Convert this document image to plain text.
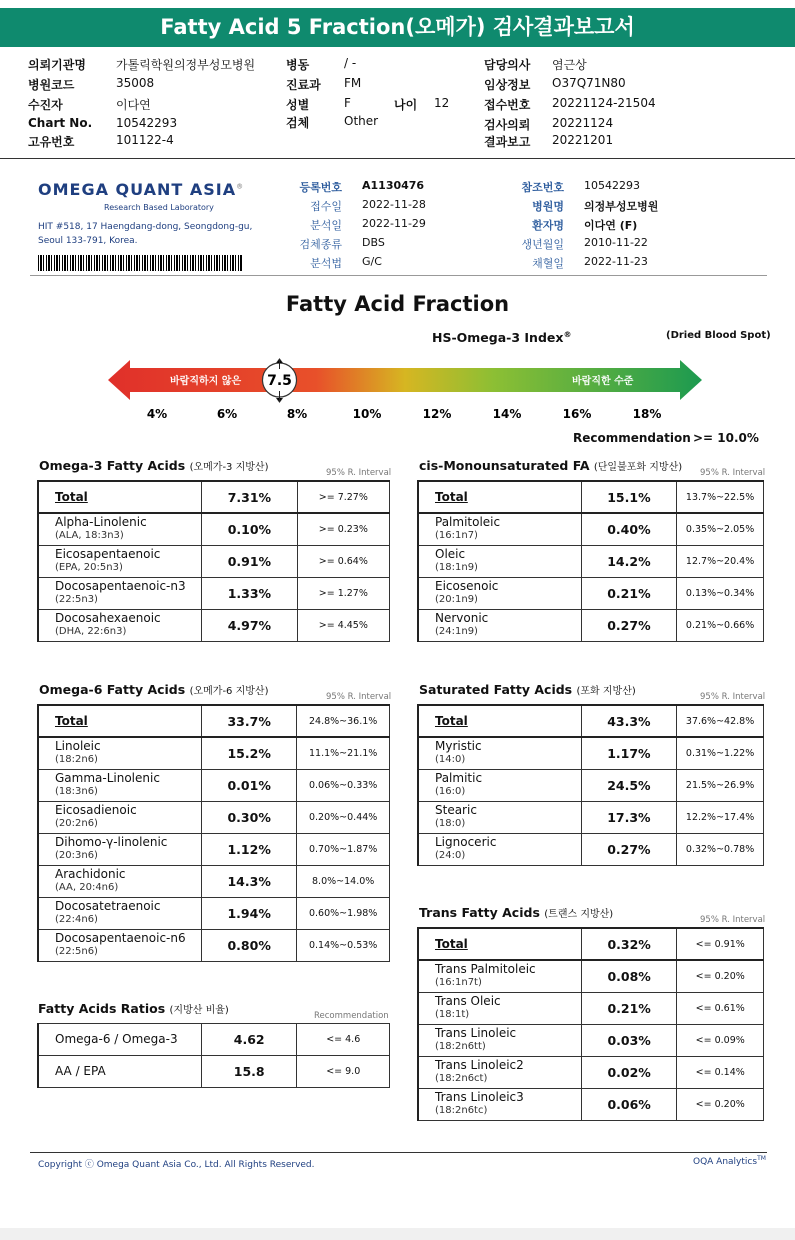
Fatty Acid 5 Fraction(오메가) 검사결과보고서
의뢰기관명	가톨릭학원의정부성모병원
병원코드	35008
수진자	이다연
Chart No. 10542293
고유번호	101122-4
병동	/ -
진료과 FM
성별	F
검체	Other
담당의사 염근상
임상정보 O37Q71N80
접수번호 20221124-21504
검사의뢰 20221124
결과보고 20221201
나이 12
OMEGA QUANT ASIA®
Research Based Laboratory
HIT #518, 17 Haengdang-dong, Seongdong-gu,
Seoul 133-791, Korea.
등록번호 A1130476
접수일 2022-11-28
분석일 2022-11-29
검체종류 DBS
분석법 G/C
참조번호 10542293
병원명 의정부성모병원
환자명 이다연 (F)
생년월일 2010-11-22
채혈일 2022-11-23
Fatty Acid Fraction
HS-Omega-3 Index®	(Dried Blood Spot)
바람직하지 않은	바람직한 수준
4%	6%	8%	10%	12%	14%	16%	18%
7.5
Recommendation >= 10.0%
Omega-3 Fatty Acids (오메가-3 지방산)	95% R. Interval
Total	7.31%	>= 7.27%
Alpha-Linolenic
(ALA, 18:3n3)	0.10%	>= 0.23%
Eicosapentaenoic
(EPA, 20:5n3)	0.91%	>= 0.64%
Docosapentaenoic-n3
(22:5n3)	1.33%	>= 1.27%
Docosahexaenoic
(DHA, 22:6n3)	4.97%	>= 4.45%
cis-Monounsaturated FA (단일불포화 지방산) 95% R. Interval
Total	15.1%	13.7%~22.5%
Palmitoleic
(16:1n7)	0.40%	0.35%~2.05%
Oleic
(18:1n9)	14.2%	12.7%~20.4%
Eicosenoic
(20:1n9)	0.21%	0.13%~0.34%
Nervonic
(24:1n9)	0.27%	0.21%~0.66%
Omega-6 Fatty Acids (오메가-6 지방산)	95% R. Interval
Total	33.7%	24.8%~36.1%
Linoleic
(18:2n6)	15.2%	11.1%~21.1%
Gamma-Linolenic
(18:3n6)	0.01%	0.06%~0.33%
Eicosadienoic
(20:2n6)	0.30%	0.20%~0.44%
Dihomo-γ-linolenic
(20:3n6)	1.12%	0.70%~1.87%
Arachidonic
(AA, 20:4n6)	14.3%	8.0%~14.0%
Docosatetraenoic
(22:4n6)	1.94%	0.60%~1.98%
Docosapentaenoic-n6
(22:5n6)	0.80%	0.14%~0.53%
Saturated Fatty Acids (포화 지방산)	95% R. Interval
Total	43.3%	37.6%~42.8%
Myristic
(14:0)	1.17%	0.31%~1.22%
Palmitic
(16:0)	24.5%	21.5%~26.9%
Stearic
(18:0)	17.3%	12.2%~17.4%
Lignoceric
(24:0)	0.27%	0.32%~0.78%
Trans Fatty Acids (트랜스 지방산)	95% R. Interval
Total	0.32%	<= 0.91%
Trans Palmitoleic
(16:1n7t)	0.08%	<= 0.20%
Trans Oleic
(18:1t)	0.21%	<= 0.61%
Trans Linoleic
(18:2n6tt)	0.03%	<= 0.09%
Trans Linoleic2
(18:2n6ct)	0.02%	<= 0.14%
Trans Linoleic3
(18:2n6tc)	0.06%	<= 0.20%
Fatty Acids Ratios (지방산 비율)	Recommendation
Omega-6 / Omega-3	4.62	<= 4.6
AA / EPA	15.8	<= 9.0
Copyright ⓒ Omega Quant Asia Co., Ltd. All Rights Reserved.	OQA Analytics™
